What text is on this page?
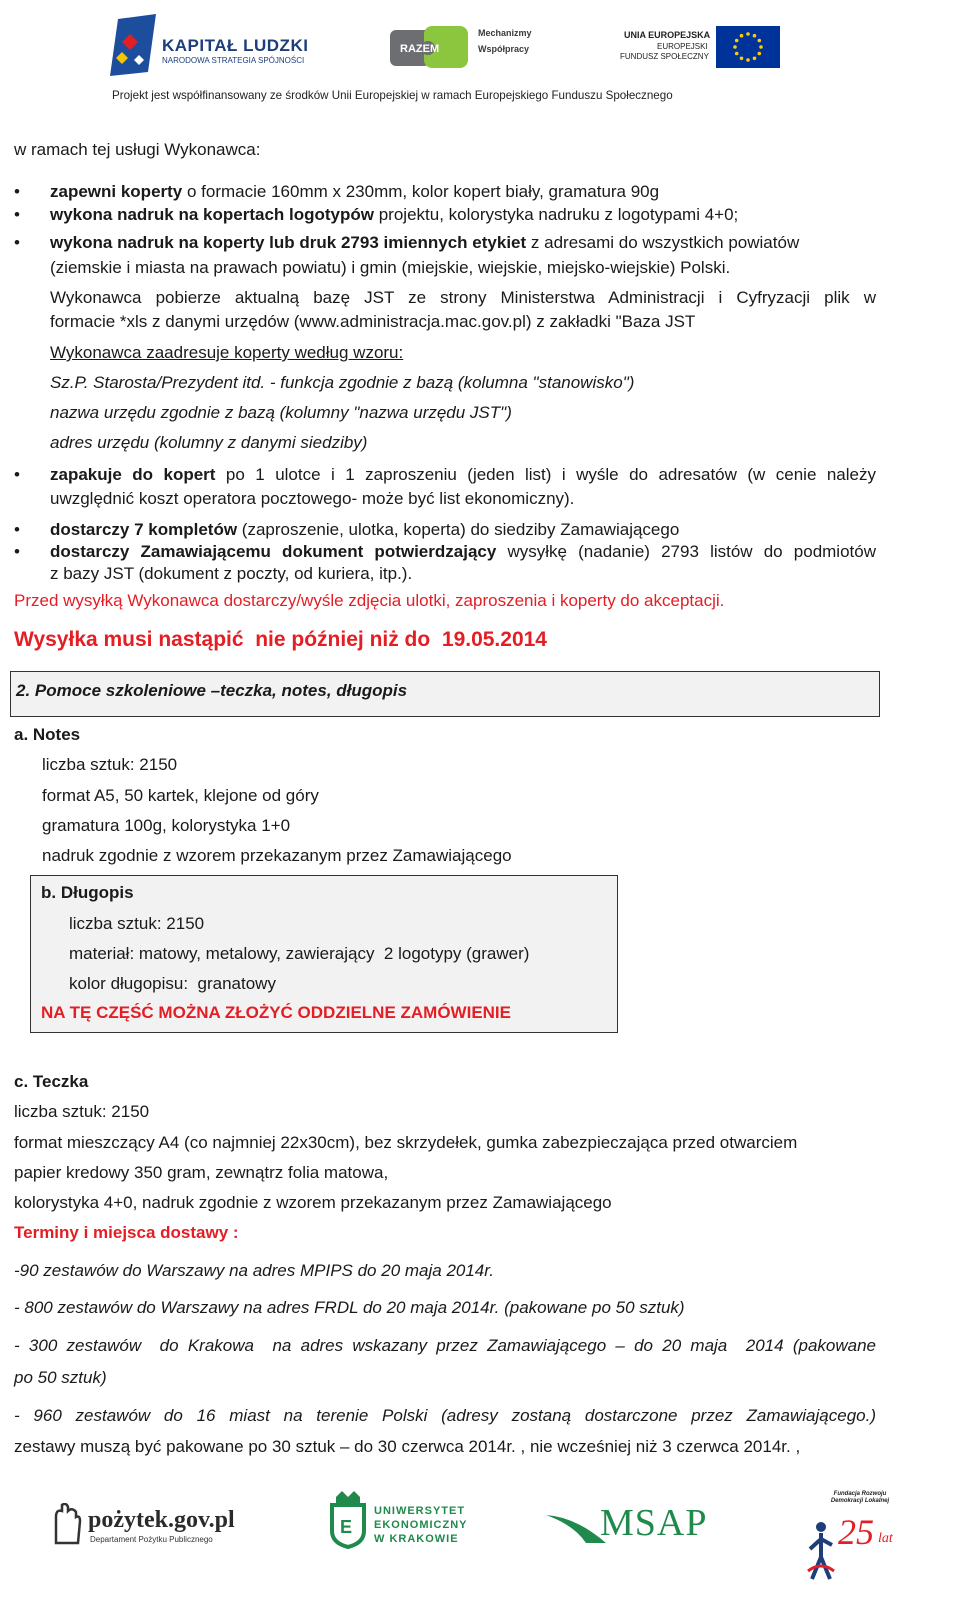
KAPITAŁ LUDZKI
NARODOWA STRATEGIA SPÓJNOŚCI
RAZEM
Mechanizmy
Współpracy
UNIA EUROPEJSKA
EUROPEJSKI
FUNDUSZ SPOŁECZNY
Projekt jest współfinansowany ze środków Unii Europejskiej w ramach Europejskiego Funduszu Społecznego
w ramach tej usługi Wykonawca:
• zapewni koperty o formacie 160mm x 230mm, kolor kopert biały, gramatura 90g
• wykona nadruk na kopertach logotypów projektu, kolorystyka nadruku z logotypami 4+0;
• wykona nadruk na koperty lub druk 2793 imiennych etykiet z adresami do wszystkich powiatów
(ziemskie i miasta na prawach powiatu) i gmin (miejskie, wiejskie, miejsko-wiejskie) Polski.
Wykonawca pobierze aktualną bazę JST ze strony Ministerstwa Administracji i Cyfryzacji plik w
formacie *xls z danymi urzędów (www.administracja.mac.gov.pl) z zakładki "Baza JST
Wykonawca zaadresuje koperty według wzoru:
Sz.P. Starosta/Prezydent itd. - funkcja zgodnie z bazą (kolumna "stanowisko")
nazwa urzędu zgodnie z bazą (kolumny "nazwa urzędu JST")
adres urzędu (kolumny z danymi siedziby)
• zapakuje do kopert po 1 ulotce i 1 zaproszeniu (jeden list) i wyśle do adresatów (w cenie należy
uwzględnić koszt operatora pocztowego- może być list ekonomiczny).
• dostarczy 7 kompletów (zaproszenie, ulotka, koperta) do siedziby Zamawiającego
• dostarczy Zamawiającemu dokument potwierdzający wysyłkę (nadanie) 2793 listów do podmiotów
z bazy JST (dokument z poczty, od kuriera, itp.).
Przed wysyłką Wykonawca dostarczy/wyśle zdjęcia ulotki, zaproszenia i koperty do akceptacji.
Wysyłka musi nastąpić  nie później niż do  19.05.2014
2. Pomoce szkoleniowe –teczka, notes, długopis
a. Notes
liczba sztuk: 2150
format A5, 50 kartek, klejone od góry
gramatura 100g, kolorystyka 1+0
nadruk zgodnie z wzorem przekazanym przez Zamawiającego
b. Długopis
liczba sztuk: 2150
materiał: matowy, metalowy, zawierający  2 logotypy (grawer)
kolor długopisu:  granatowy
NA TĘ CZĘŚĆ MOŻNA ZŁOŻYĆ ODDZIELNE ZAMÓWIENIE
c. Teczka
liczba sztuk: 2150
format mieszczący A4 (co najmniej 22x30cm), bez skrzydełek, gumka zabezpieczająca przed otwarciem
papier kredowy 350 gram, zewnątrz folia matowa,
kolorystyka 4+0, nadruk zgodnie z wzorem przekazanym przez Zamawiającego
Terminy i miejsca dostawy :
-90 zestawów do Warszawy na adres MPIPS do 20 maja 2014r.
- 800 zestawów do Warszawy na adres FRDL do 20 maja 2014r. (pakowane po 50 sztuk)
- 300 zestawów  do Krakowa  na adres wskazany przez Zamawiającego – do 20 maja  2014 (pakowane
po 50 sztuk)
- 960 zestawów do 16 miast na terenie Polski (adresy zostaną dostarczone przez Zamawiającego.)
zestawy muszą być pakowane po 30 sztuk – do 30 czerwca 2014r. , nie wcześniej niż 3 czerwca 2014r. ,
pożytek.gov.pl
Departament Pożytku Publicznego
E
UNIWERSYTET
EKONOMICZNY
W KRAKOWIE	MSAP
Fundacja Rozwoju Demokracji Lokalnej
25 lat
